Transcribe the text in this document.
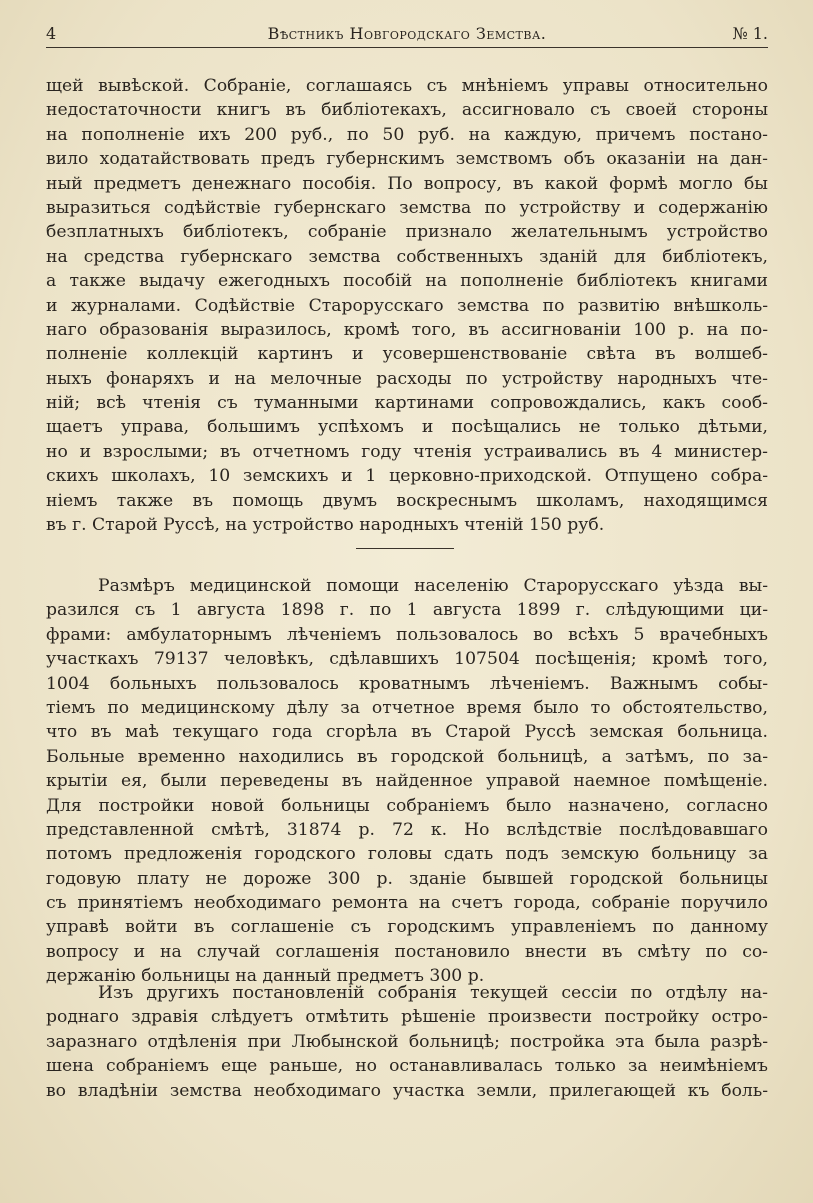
4	Вѣстникъ Новгородскаго Земства.	№ 1.
щей вывѣской. Собраніе, соглашаясь съ мнѣніемъ управы относительно
недостаточности книгъ въ библіотекахъ, ассигновало съ своей стороны
на пополненіе ихъ 200 руб., по 50 руб. на каждую, причемъ постано-
вило ходатайствовать предъ губернскимъ земствомъ объ оказаніи на дан-
ный предметъ денежнаго пособія. По вопросу, въ какой формѣ могло бы
выразиться содѣйствіе губернскаго земства по устройству и содержанію
безплатныхъ библіотекъ, собраніе признало желательнымъ устройство
на средства губернскаго земства собственныхъ зданій для библіотекъ,
а также выдачу ежегодныхъ пособій на пополненіе библіотекъ книгами
и журналами. Содѣйствіе Старорусскаго земства по развитію внѣшколь-
наго образованія выразилось, кромѣ того, въ ассигнованіи 100 р. на по-
полненіе коллекцій картинъ и усовершенствованіе свѣта въ волшеб-
ныхъ фонаряхъ и на мелочные расходы по устройству народныхъ чте-
ній; всѣ чтенія съ туманными картинами сопровождались, какъ сооб-
щаетъ управа, большимъ успѣхомъ и посѣщались не только дѣтьми,
но и взрослыми; въ отчетномъ году чтенія устраивались въ 4 министер-
скихъ школахъ, 10 земскихъ и 1 церковно-приходской. Отпущено собра-
ніемъ также въ помощь двумъ воскреснымъ школамъ, находящимся
въ г. Старой Руссѣ, на устройство народныхъ чтеній 150 руб.
Размѣръ медицинской помощи населенію Старорусскаго уѣзда вы-
разился съ 1 августа 1898 г. по 1 августа 1899 г. слѣдующими ци-
фрами: амбулаторнымъ лѣченіемъ пользовалось во всѣхъ 5 врачебныхъ
участкахъ 79137 человѣкъ, сдѣлавшихъ 107504 посѣщенія; кромѣ того,
1004 больныхъ пользовалось кроватнымъ лѣченіемъ. Важнымъ собы-
тіемъ по медицинскому дѣлу за отчетное время было то обстоятельство,
что въ маѣ текущаго года сгорѣла въ Старой Руссѣ земская больница.
Больные временно находились въ городской больницѣ, а затѣмъ, по за-
крытіи ея, были переведены въ найденное управой наемное помѣщеніе.
Для постройки новой больницы собраніемъ было назначено, согласно
представленной смѣтѣ, 31874 р. 72 к. Но вслѣдствіе послѣдовавшаго
потомъ предложенія городского головы сдать подъ земскую больницу за
годовую плату не дороже 300 р. зданіе бывшей городской больницы
съ принятіемъ необходимаго ремонта на счетъ города, собраніе поручило
управѣ войти въ соглашеніе съ городскимъ управленіемъ по данному
вопросу и на случай соглашенія постановило внести въ смѣту по со-
держанію больницы на данный предметъ 300 р.
Изъ другихъ постановленій собранія текущей сессіи по отдѣлу на-
роднаго здравія слѣдуетъ отмѣтить рѣшеніе произвести постройку остро-
заразнаго отдѣленія при Любынской больницѣ; постройка эта была разрѣ-
шена собраніемъ еще раньше, но останавливалась только за неимѣніемъ
во владѣніи земства необходимаго участка земли, прилегающей къ боль-
